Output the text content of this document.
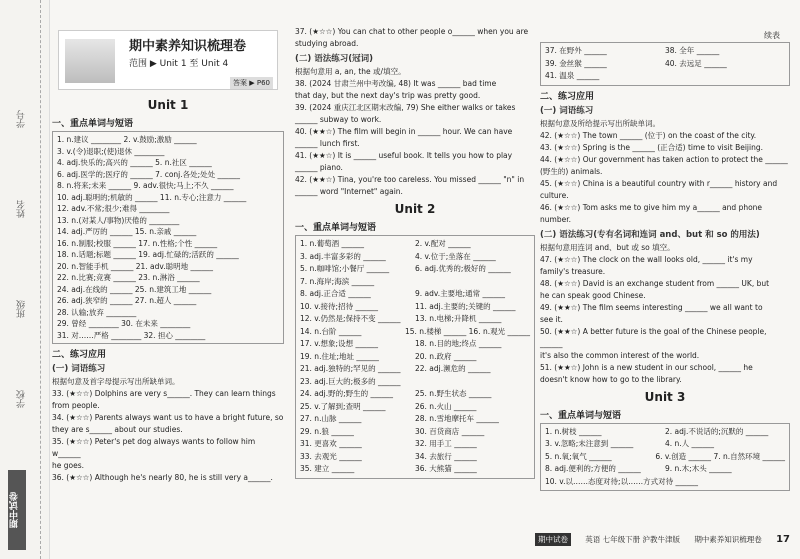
学号
姓名
班级
学校
期中试卷
期中素养知识梳理卷
范围 ▶ Unit 1 至 Unit 4
答案 ▶ P60
Unit 1
一、重点单词与短语
1. n.建议 ________ 2. v.鼓励;激励 ______
3. v.(令)退职;(使)退休 ________
4. adj.快乐的;高兴的 ______ 5. n.社区 ______
6. adj.医学的;医疗的 ______ 7. conj.各处;处处 ______
8. n.将来;未来 ______ 9. adv.很快;马上;不久 ______
10. adj.聪明的;机敏的 ______ 11. n.专心;注意力 ______
12. adv.不常;很少;难得 ________
13. n.(对某人/事物)厌倦的 ________
14. adj.严厉的 ______ 15. n.亲戚 ______
16. n.制服;校服 ______ 17. n.性格;个性 ______
18. n.话题;标题 ______ 19. adj.忙碌的;活跃的 ______
20. n.智能手机 ______ 21. adv.聪明地 ______
22. n.比赛;竞赛 ______ 23. n.淋浴 ______
24. adj.在线的 ______ 25. n.建筑工地 ______
26. adj.狭窄的 ______ 27. n.超人 ______
28. 认输;放弃 ________
29. 曾经 ________ 30. 在未来 ________
31. 对……严格 ________ 32. 担心 ________
二、练习应用
(一) 词语练习
根据句意及首字母提示写出所缺单词。
33. (★☆☆) Dolphins are very s______. They can learn things
from people.
34. (★☆☆) Parents always want us to have a bright future, so
they are s______ about our studies.
35. (★☆☆) Peter's pet dog always wants to follow him w______
he goes.
36. (★☆☆) Although he's nearly 80, he is still very a______.
37. (★☆☆) You can chat to other people o______ when you are
studying abroad.
(二) 语法练习(冠词)
根据句意用 a, an, the 或/填空。
38. (2024 甘肃兰州中考改编, 48) It was ______ bad time
that day, but the next day's trip was pretty good.
39. (2024 重庆江北区期末改编, 79) She either walks or takes
______ subway to work.
40. (★★☆) The film will begin in ______ hour. We can have
______ lunch first.
41. (★★☆) It is ______ useful book. It tells you how to play
______ piano.
42. (★★☆) Tina, you're too careless. You missed ______ "n" in
______ word "Internet" again.
Unit 2
一、重点单词与短语
1. n.葡萄酒 ______	2. v.配对 ______
3. adj.丰富多彩的 ______	4. v.位于;坐落在 ______
5. n.咖啡馆;小餐厅 ______	6. adj.优秀的;极好的 ______
7. n.海岸;海滨 ______
8. adj.正合适 ______	9. adv.主要地;通常 ______
10. v.接待;招待 ______	11. adj.主要的;关键的 ______
12. v.仍然是;保持不变 ______	13. n.电梯;升降机 ______
14. n.台阶 ______	15. n.楼梯 ______ 16. n.观光 ______
17. v.想象;设想 ______	18. n.目的地;终点 ______
19. n.住址;地址 ______	20. n.政府 ______
21. adj.独特的;罕见的 ______	22. adj.濒危的 ______
23. adj.巨大的;极多的 ______
24. adj.野的;野生的 ______	25. n.野生状态 ______
25. v.了解到;查明 ______	26. n.火山 ______
27. n.山脉 ______	28. n.雪地摩托车 ______
29. n.狼 ______	30. 百货商店 ______
31. 更喜欢 ______	32. 用手工 ______
33. 去观光 ______	34. 去旅行 ______
35. 建立 ______	36. 大熊猫 ______
续表
37. 在野外 ______	38. 全年 ______
39. 金丝猴 ______	40. 去远足 ______
41. 温泉 ______
二、练习应用
(一) 词语练习
根据句意及所给提示写出所缺单词。
42. (★☆☆) The town ______ (位于) on the coast of the city.
43. (★☆☆) Spring is the ______ (正合适) time to visit Beijing.
44. (★☆☆) Our government has taken action to protect the ______
(野生的) animals.
45. (★☆☆) China is a beautiful country with r______ history and
culture.
46. (★☆☆) Tom asks me to give him my a______ and phone
number.
(二) 语法练习(专有名词和连词 and、but 和 so 的用法)
根据句意用连词 and、but 或 so 填空。
47. (★☆☆) The clock on the wall looks old, ______ it's my
family's treasure.
48. (★☆☆) David is an exchange student from ______ UK, but
he can speak good Chinese.
49. (★★☆) The film seems interesting ______ we all want to
see it.
50. (★★☆) A better future is the goal of the Chinese people, ______
it's also the common interest of the world.
51. (★★☆) John is a new student in our school, ______ he
doesn't know how to go to the library.
Unit 3
一、重点单词与短语
1. n.树枝 ______	2. adj.不说话的;沉默的 ______
3. v.忽略;未注意到 ______	4. n.人 ______
5. n.氧;氧气 ______	6. v.创造 ______ 7. n.自然环境 ______
8. adj.便利的;方便的 ______	9. n.木;木头 ______
10. v.以……态度对待;以……方式对待 ______
期中试卷	英语 七年级下册 沪教牛津版 期中素养知识梳理卷 17
